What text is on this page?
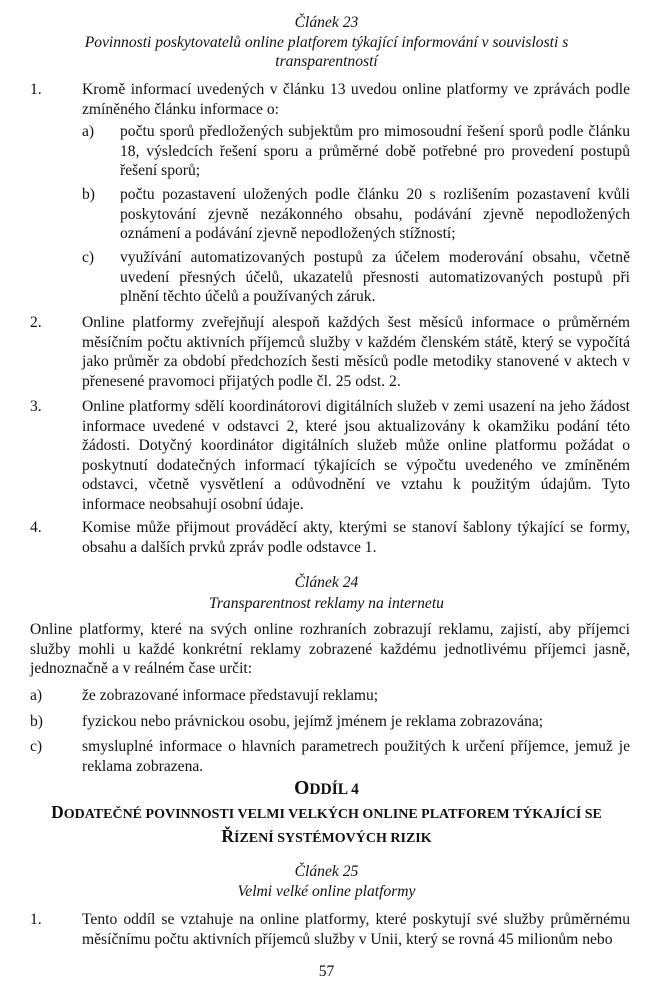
Článek 23
Povinnosti poskytovatelů online platforem týkající informování v souvislosti s transparentností
1.	Kromě informací uvedených v článku 13 uvedou online platformy ve zprávách podle zmíněného článku informace o:
a) počtu sporů předložených subjektům pro mimosoudní řešení sporů podle článku 18, výsledcích řešení sporu a průměrné době potřebné pro provedení postupů řešení sporů;
b) počtu pozastavení uložených podle článku 20 s rozlišením pozastavení kvůli poskytování zjevně nezákonného obsahu, podávání zjevně nepodložených oznámení a podávání zjevně nepodložených stížností;
c) využívání automatizovaných postupů za účelem moderování obsahu, včetně uvedení přesných účelů, ukazatelů přesnosti automatizovaných postupů při plnění těchto účelů a používaných záruk.
2.	Online platformy zveřejňují alespoň každých šest měsíců informace o průměrném měsíčním počtu aktivních příjemců služby v každém členském státě, který se vypočítá jako průměr za období předchozích šesti měsíců podle metodiky stanovené v aktech v přenesené pravomoci přijatých podle čl. 25 odst. 2.
3.	Online platformy sdělí koordinátorovi digitálních služeb v zemi usazení na jeho žádost informace uvedené v odstavci 2, které jsou aktualizovány k okamžiku podání této žádosti. Dotyčný koordinátor digitálních služeb může online platformu požádat o poskytnutí dodatečných informací týkajících se výpočtu uvedeného ve zmíněném odstavci, včetně vysvětlení a odůvodnění ve vztahu k použitým údajům. Tyto informace neobsahují osobní údaje.
4.	Komise může přijmout prováděcí akty, kterými se stanoví šablony týkající se formy, obsahu a dalších prvků zpráv podle odstavce 1.
Článek 24
Transparentnost reklamy na internetu
Online platformy, které na svých online rozhraních zobrazují reklamu, zajistí, aby příjemci služby mohli u každé konkrétní reklamy zobrazené každému jednotlivému příjemci jasně, jednoznačně a v reálném čase určit:
a)	že zobrazované informace představují reklamu;
b)	fyzickou nebo právnickou osobu, jejímž jménem je reklama zobrazována;
c)	smysluplné informace o hlavních parametrech použitých k určení příjemce, jemuž je reklama zobrazena.
ODDÍL 4
DODATEČNÉ POVINNOSTI VELMI VELKÝCH ONLINE PLATFOREM TÝKAJÍCÍ SE
ŘÍZENÍ SYSTÉMOVÝCH RIZIK
Článek 25
Velmi velké online platformy
1.	Tento oddíl se vztahuje na online platformy, které poskytují své služby průměrnému měsíčnímu počtu aktivních příjemců služby v Unii, který se rovná 45 milionům nebo
57
